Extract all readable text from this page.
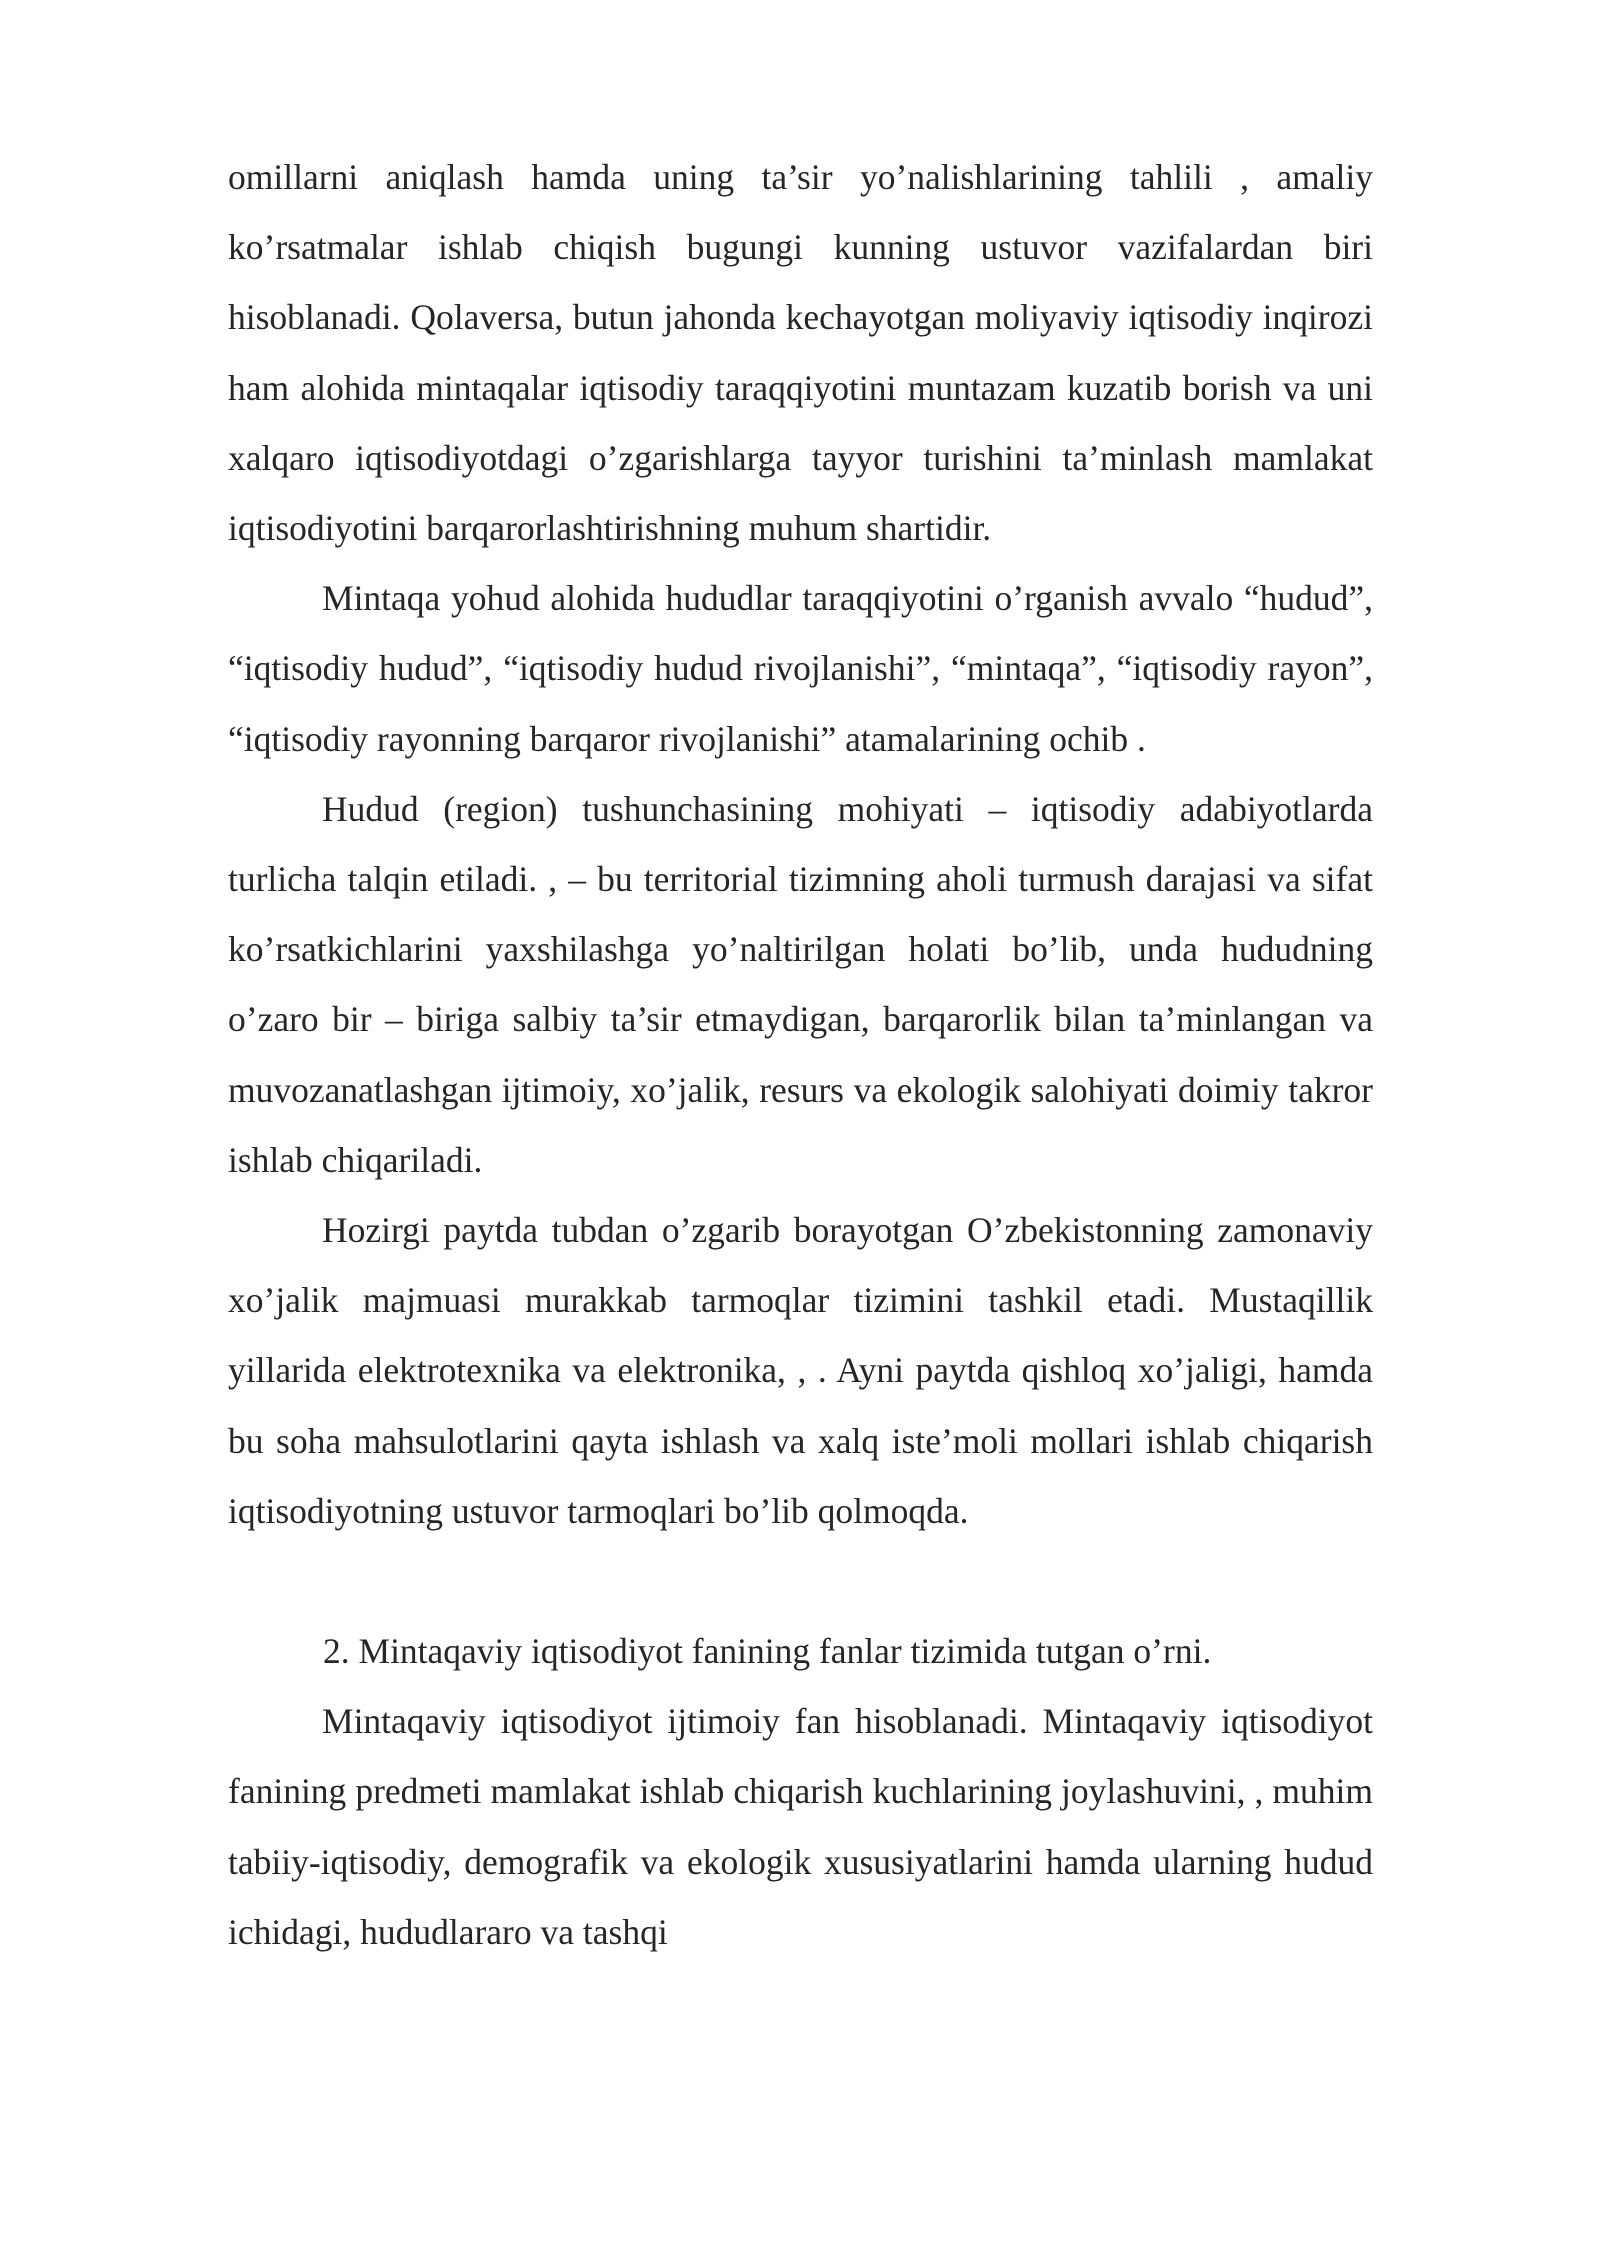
omillarni aniqlash hamda uning ta’sir yo’nalishlarining tahlili , amaliy ko’rsatmalar ishlab chiqish bugungi kunning ustuvor vazifalardan biri hisoblanadi. Qolaversa, butun jahonda kechayotgan moliyaviy iqtisodiy inqirozi ham alohida mintaqalar iqtisodiy taraqqiyotini muntazam kuzatib borish va uni xalqaro iqtisodiyotdagi o’zgarishlarga tayyor turishini ta’minlash mamlakat iqtisodiyotini barqarorlashtirishning muhum shartidir.

Mintaqa yohud alohida hududlar taraqqiyotini o’rganish avvalo “hudud”, “iqtisodiy hudud”, “iqtisodiy hudud rivojlanishi”, “mintaqa”, “iqtisodiy rayon”, “iqtisodiy rayonning barqaror rivojlanishi” atamalarining ochib .

Hudud (region) tushunchasining mohiyati – iqtisodiy adabiyotlarda turlicha talqin etiladi. , – bu territorial tizimning aholi turmush darajasi va sifat ko’rsatkichlarini yaxshilashga yo’naltirilgan holati bo’lib, unda hududning o’zaro bir – biriga salbiy ta’sir etmaydigan, barqarorlik bilan ta’minlangan va muvozanatlashgan ijtimoiy, xo’jalik, resurs va ekologik salohiyati doimiy takror ishlab chiqariladi.

Hozirgi paytda tubdan o’zgarib borayotgan O’zbekistonning zamonaviy xo’jalik majmuasi murakkab tarmoqlar tizimini tashkil etadi. Mustaqillik yillarida elektrotexnika va elektronika, , . Ayni paytda qishloq xo’jaligi, hamda bu soha mahsulotlarini qayta ishlash va xalq iste’moli mollari ishlab chiqarish iqtisodiyotning ustuvor tarmoqlari bo’lib qolmoqda.

2. Mintaqaviy iqtisodiyot fanining fanlar tizimida tutgan o’rni.

Mintaqaviy iqtisodiyot ijtimoiy fan hisoblanadi. Mintaqaviy iqtisodiyot fanining predmeti mamlakat ishlab chiqarish kuchlarining joylashuvini, , muhim tabiiy-iqtisodiy, demografik va ekologik xususiyatlarini hamda ularning hudud ichidagi, hududlararo va tashqi
